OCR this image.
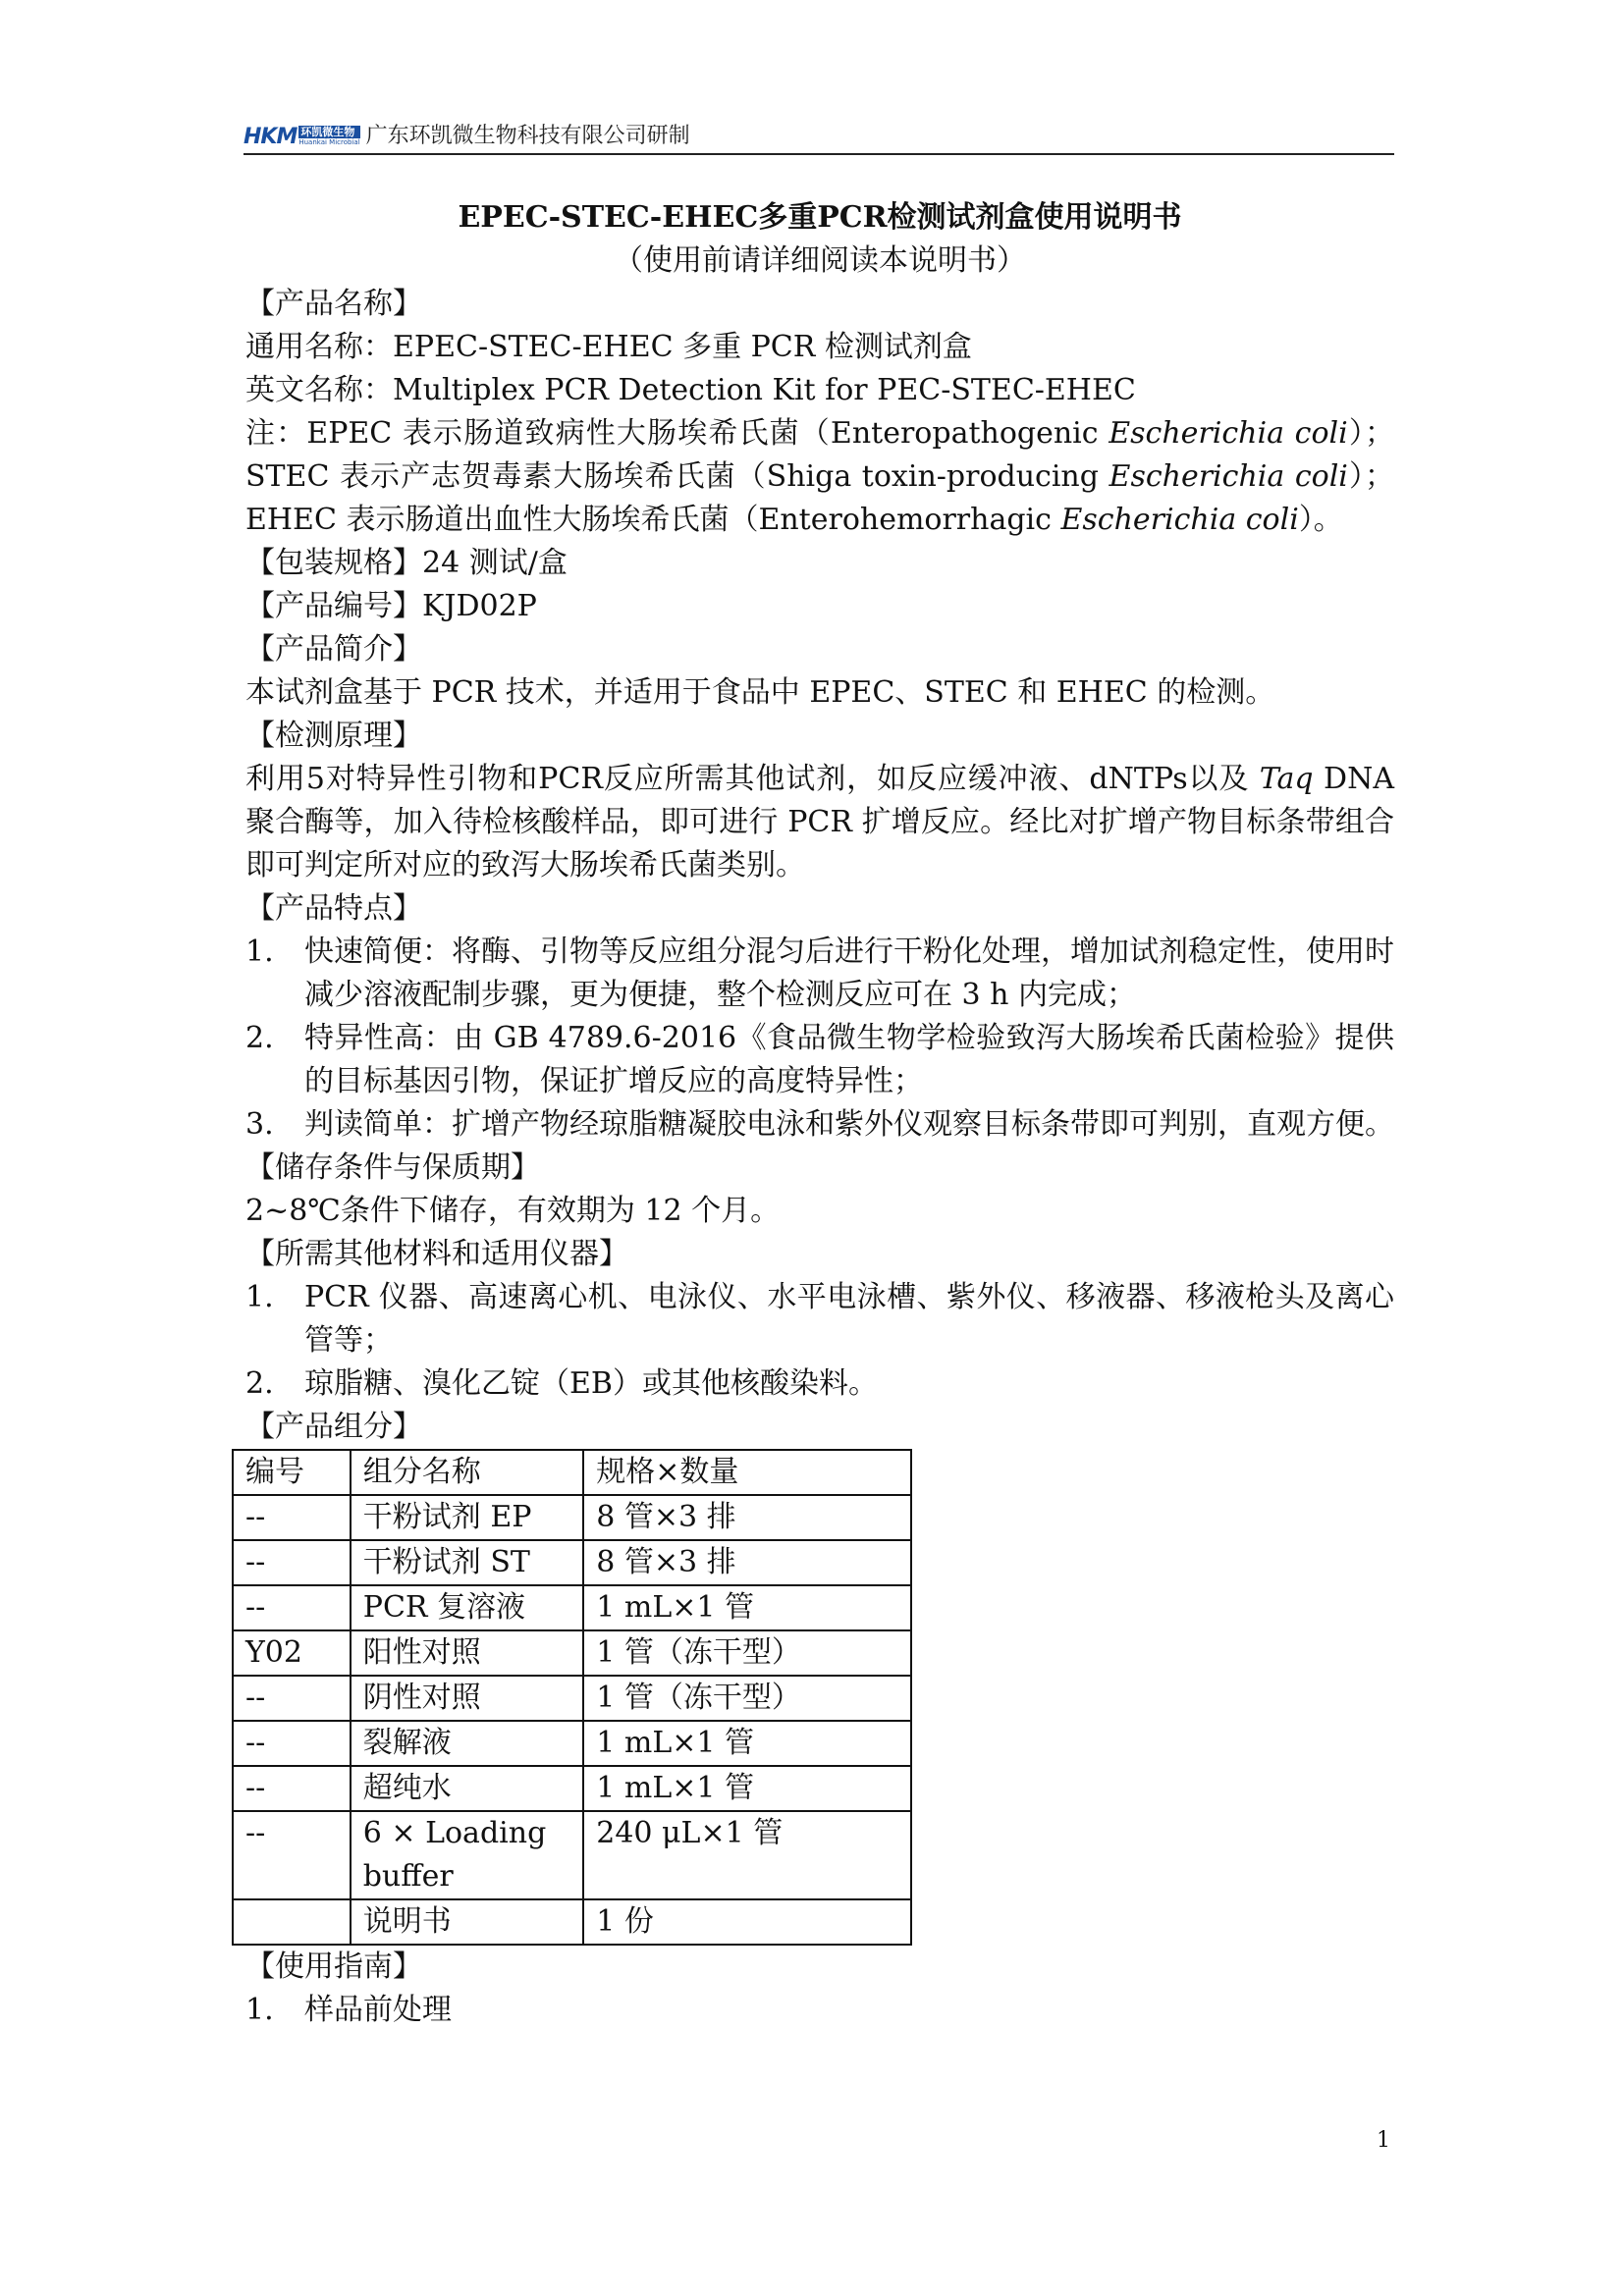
HKM 环凯微生物
Huankai Microbial 广东环凯微生物科技有限公司研制
EPEC-STEC-EHEC多重PCR检测试剂盒使用说明书
（使用前请详细阅读本说明书）
【产品名称】
通用名称：EPEC-STEC-EHEC 多重 PCR 检测试剂盒
英文名称：Multiplex PCR Detection Kit for PEC-STEC-EHEC
注：EPEC 表示肠道致病性大肠埃希氏菌（Enteropathogenic Escherichia coli）；STEC 表示产志贺毒素大肠埃希氏菌（Shiga toxin-producing Escherichia coli）；EHEC 表示肠道出血性大肠埃希氏菌（Enterohemorrhagic Escherichia coli）。
【包装规格】24 测试/盒
【产品编号】KJD02P
【产品简介】
本试剂盒基于 PCR 技术，并适用于食品中 EPEC、STEC 和 EHEC 的检测。
【检测原理】
利用5对特异性引物和PCR反应所需其他试剂，如反应缓冲液、dNTPs以及 Taq DNA聚合酶等，加入待检核酸样品，即可进行 PCR 扩增反应。经比对扩增产物目标条带组合即可判定所对应的致泻大肠埃希氏菌类别。
【产品特点】
1.	快速简便：将酶、引物等反应组分混匀后进行干粉化处理，增加试剂稳定性，使用时减少溶液配制步骤，更为便捷，整个检测反应可在 3 h 内完成；
2.	特异性高：由 GB 4789.6-2016《食品微生物学检验致泻大肠埃希氏菌检验》提供的目标基因引物，保证扩增反应的高度特异性；
3.	判读简单：扩增产物经琼脂糖凝胶电泳和紫外仪观察目标条带即可判别，直观方便。
【储存条件与保质期】
2~8℃条件下储存，有效期为 12 个月。
【所需其他材料和适用仪器】
1.	PCR 仪器、高速离心机、电泳仪、水平电泳槽、紫外仪、移液器、移液枪头及离心管等；
2.	琼脂糖、溴化乙锭（EB）或其他核酸染料。
【产品组分】
编号	组分名称	规格×数量
--	干粉试剂 EP	8 管×3 排
--	干粉试剂 ST	8 管×3 排
--	PCR 复溶液	1 mL×1 管
Y02	阳性对照	1 管（冻干型）
--	阴性对照	1 管（冻干型）
--	裂解液	1 mL×1 管
--	超纯水	1 mL×1 管
--	6 × Loading buffer	240 μL×1 管
	说明书	1 份
【使用指南】
1.	样品前处理
1
